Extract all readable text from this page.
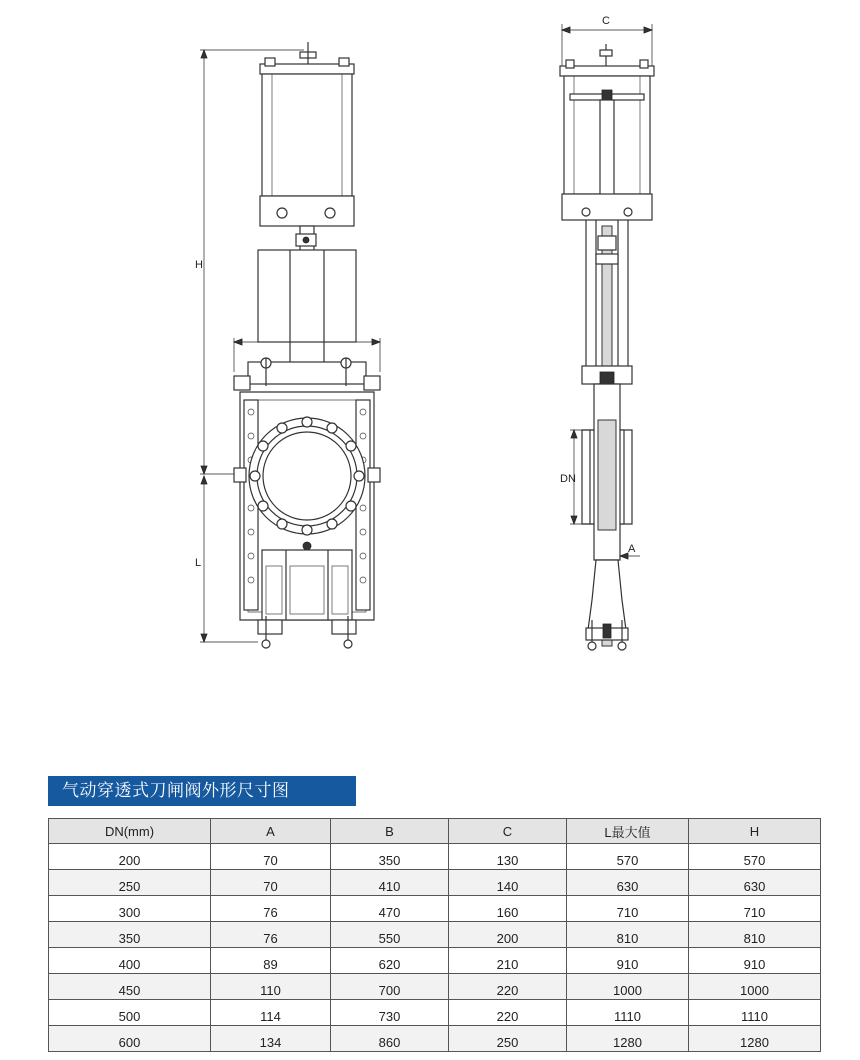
H
L
C
DN
A
气动穿透式刀闸阀外形尺寸图
DN(mm)	A	B	C	L最大值	H
200	70	350	130	570	570
250	70	410	140	630	630
300	76	470	160	710	710
350	76	550	200	810	810
400	89	620	210	910	910
450	110	700	220	1000	1000
500	114	730	220	1110	1110
600	134	860	250	1280	1280
